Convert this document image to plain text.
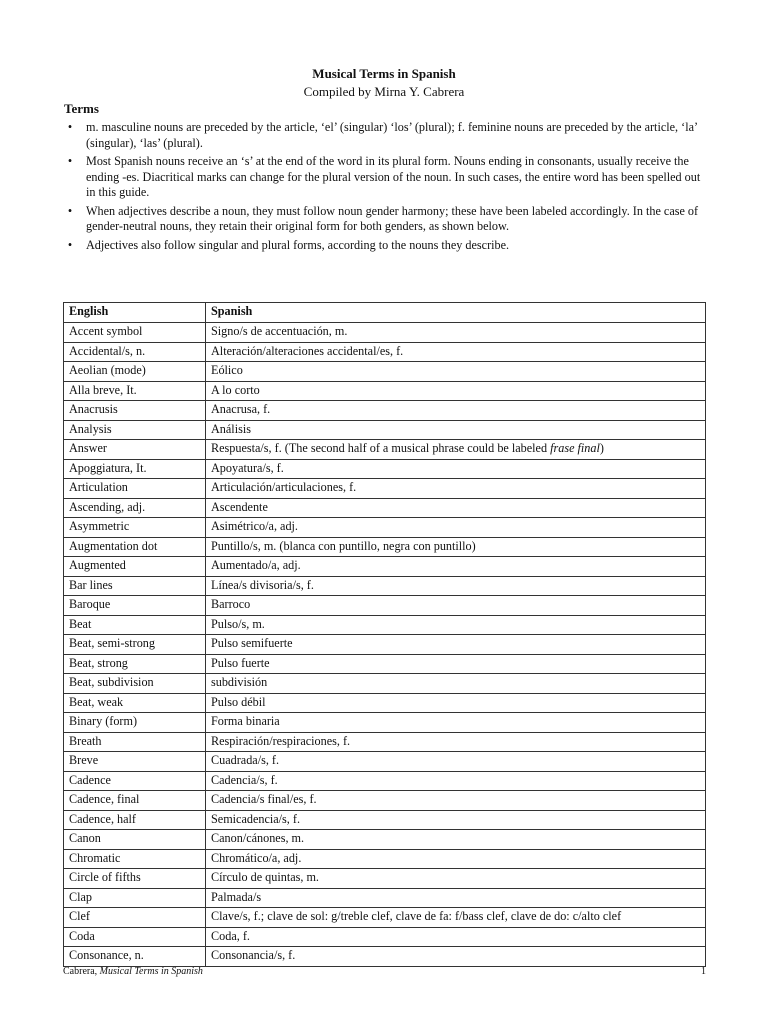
Musical Terms in Spanish
Compiled by Mirna Y. Cabrera
Terms
•	m. masculine nouns are preceded by the article, ‘el’ (singular) ‘los’ (plural); f. feminine nouns are preceded by the article, ‘la’ (singular), ‘las’ (plural).
•	Most Spanish nouns receive an ‘s’ at the end of the word in its plural form. Nouns ending in consonants, usually receive the ending -es. Diacritical marks can change for the plural version of the noun. In such cases, the entire word has been spelled out in this guide.
•	When adjectives describe a noun, they must follow noun gender harmony; these have been labeled accordingly. In the case of gender-neutral nouns, they retain their original form for both genders, as shown below.
•	Adjectives also follow singular and plural forms, according to the nouns they describe.
English	Spanish
Accent symbol	Signo/s de accentuación, m.
Accidental/s, n.	Alteración/alteraciones accidental/es, f.
Aeolian (mode)	Eólico
Alla breve, It.	A lo corto
Anacrusis	Anacrusa, f.
Analysis	Análisis
Answer	Respuesta/s, f. (The second half of a musical phrase could be labeled frase final)
Apoggiatura, It.	Apoyatura/s, f.
Articulation	Articulación/articulaciones, f.
Ascending, adj.	Ascendente
Asymmetric	Asimétrico/a, adj.
Augmentation dot	Puntillo/s, m. (blanca con puntillo, negra con puntillo)
Augmented	Aumentado/a, adj.
Bar lines	Línea/s divisoria/s, f.
Baroque	Barroco
Beat	Pulso/s, m.
Beat, semi-strong	Pulso semifuerte
Beat, strong	Pulso fuerte
Beat, subdivision	subdivisión
Beat, weak	Pulso débil
Binary (form)	Forma binaria
Breath	Respiración/respiraciones, f.
Breve	Cuadrada/s, f.
Cadence	Cadencia/s, f.
Cadence, final	Cadencia/s final/es, f.
Cadence, half	Semicadencia/s, f.
Canon	Canon/cánones, m.
Chromatic	Chromático/a, adj.
Circle of fifths	Círculo de quintas, m.
Clap	Palmada/s
Clef	Clave/s, f.; clave de sol: g/treble clef, clave de fa: f/bass clef, clave de do: c/alto clef
Coda	Coda, f.
Consonance, n.	Consonancia/s, f.
Cabrera, Musical Terms in Spanish	1
